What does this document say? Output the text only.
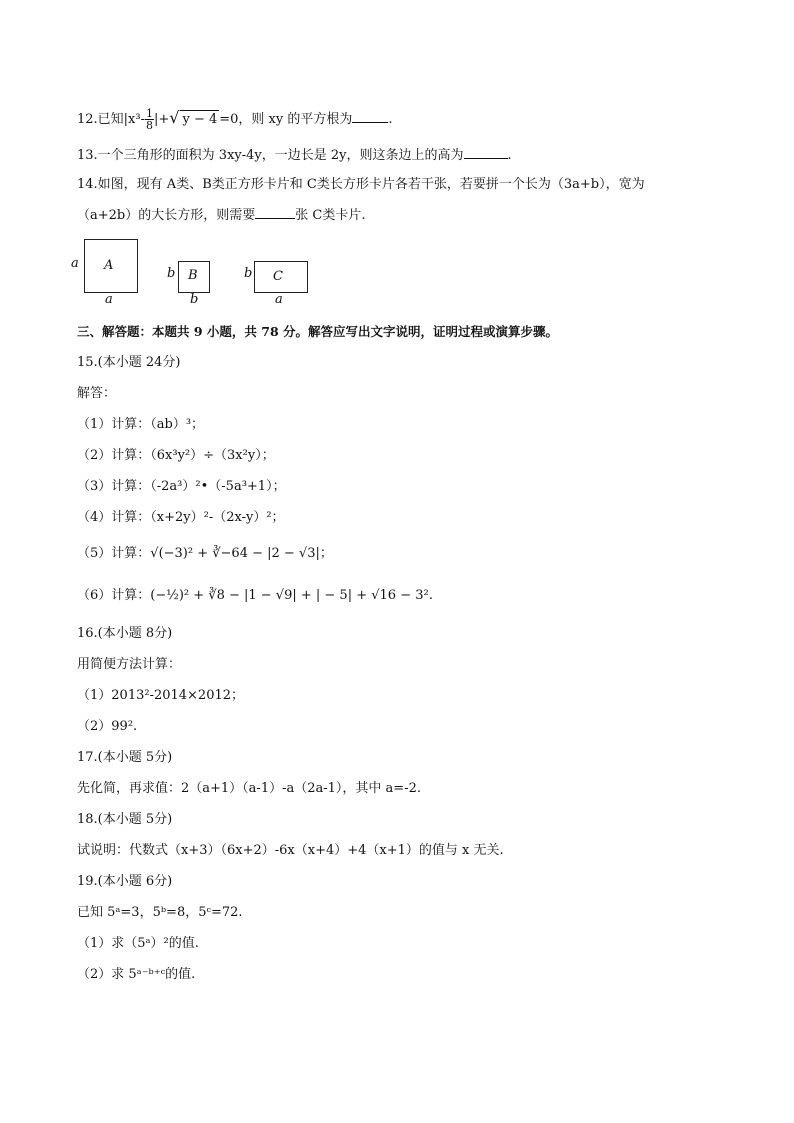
12.已知$|x^3- \frac{1}{8}$ |+√ y − 4 =0，则 xy 的平方根为	.
13.一个三角形的面积为 3xy-4y，一边长是 2y，则这条边上的高为	.
14.如图，现有 A类、B类正方形卡片和 C类长方形卡片各若干张，若要拼一个长为（3a+b），宽为
（a+2b）的大长方形，则需要	张 C类卡片.
a A
a
b B
b
b C
a
三、解答题：本题共 9 小题，共 78 分。解答应写出文字说明，证明过程或演算步骤。
15.(本小题 24分)
解答：
（1）计算：（ab）³；
（2）计算：（6x³y²）÷（3x²y）；
（3）计算：（-2a³）²•（-5a³+1）；
（4）计算：（x+2y）²-（2x-y）²；
（5）计算：√(−3)² + ∛−64 − |2 − √3|；
（6）计算：(−½)² + ∛8 − |1 − √9| + | − 5| + √16 − 3².
16.(本小题 8分)
用简便方法计算：
（1）2013²-2014×2012；
（2）99².
17.(本小题 5分)
先化简，再求值：2（a+1）（a-1）-a（2a-1），其中 a=-2.
18.(本小题 5分)
试说明：代数式（x+3）（6x+2）-6x（x+4）+4（x+1）的值与 x 无关.
19.(本小题 6分)
已知 5ᵃ=3，5ᵇ=8，5ᶜ=72.
（1）求（5ᵃ）²的值.
（2）求 5ᵃ⁻ᵇ⁺ᶜ的值.
